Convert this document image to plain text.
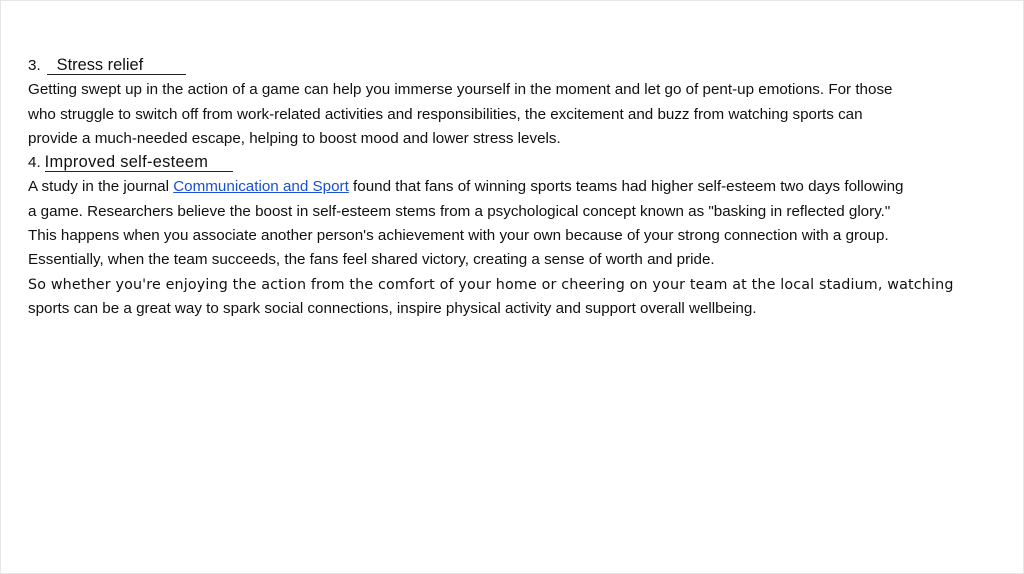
3. Stress relief
Getting swept up in the action of a game can help you immerse yourself in the moment and let go of pent-up emotions. For those
who struggle to switch off from work-related activities and responsibilities, the excitement and buzz from watching sports can
provide a much-needed escape, helping to boost mood and lower stress levels.
4. Improved self-esteem
A study in the journal Communication and Sport found that fans of winning sports teams had higher self-esteem two days following
a game. Researchers believe the boost in self-esteem stems from a psychological concept known as "basking in reflected glory."
This happens when you associate another person's achievement with your own because of your strong connection with a group.
Essentially, when the team succeeds, the fans feel shared victory, creating a sense of worth and pride.
So whether you're enjoying the action from the comfort of your home or cheering on your team at the local stadium, watching
sports can be a great way to spark social connections, inspire physical activity and support overall wellbeing.
